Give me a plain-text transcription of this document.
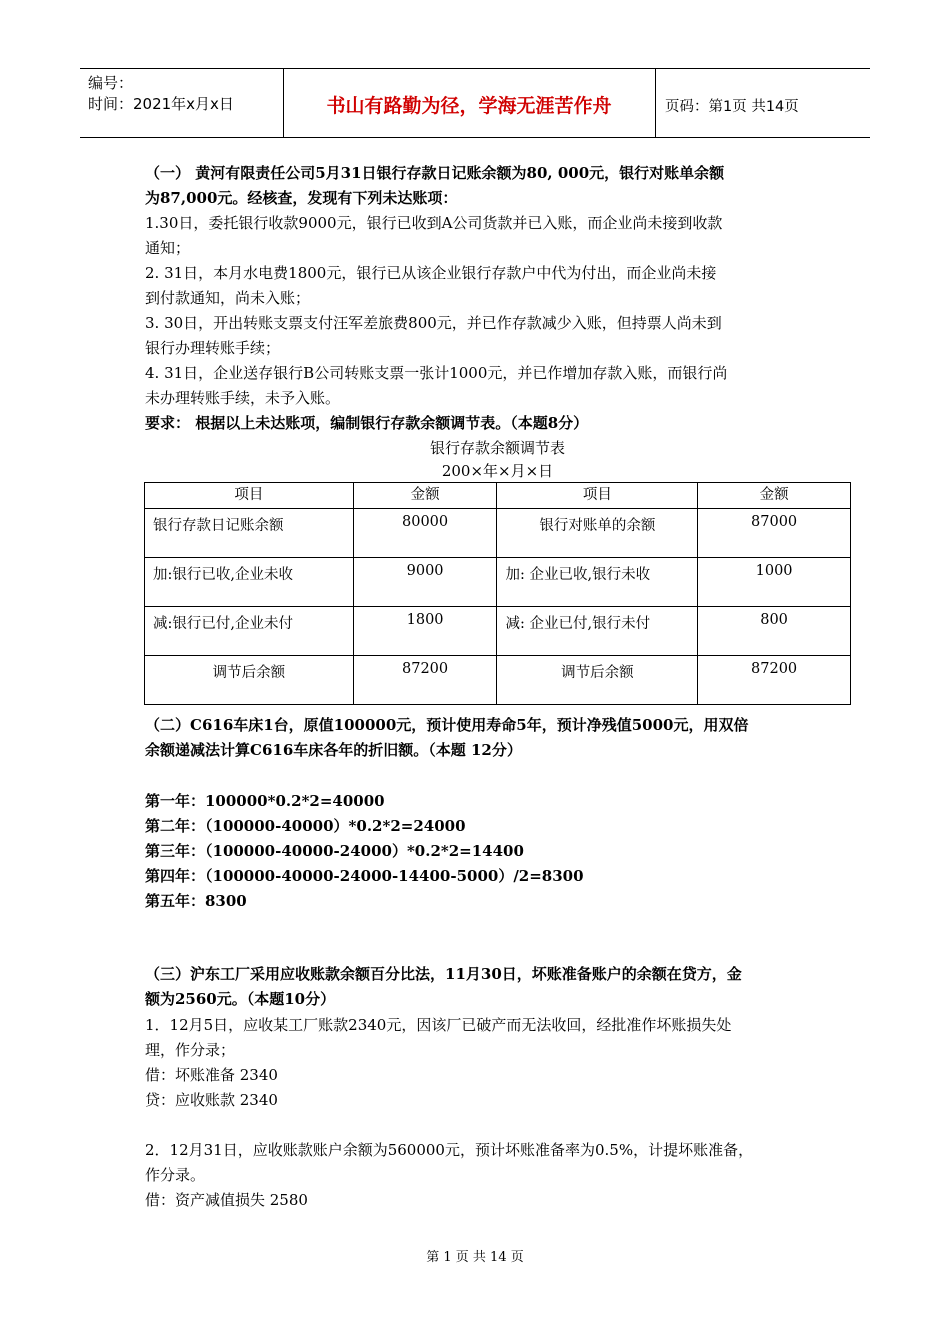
编号：
时间：2021年x月x日	书山有路勤为径，学海无涯苦作舟	页码：第1页 共14页
（一） 黄河有限责任公司5月31日银行存款日记账余额为80, 000元，银行对账单余额
为87,000元。经核查，发现有下列未达账项：
1.30日，委托银行收款9000元，银行已收到A公司货款并已入账，而企业尚未接到收款
通知；
2. 31日，本月水电费1800元，银行已从该企业银行存款户中代为付出，而企业尚未接
到付款通知，尚未入账；
3. 30日，开出转账支票支付汪军差旅费800元，并已作存款减少入账，但持票人尚未到
银行办理转账手续；
4. 31日，企业送存银行B公司转账支票一张计1000元，并已作增加存款入账，而银行尚
未办理转账手续，未予入账。
要求： 根据以上未达账项，编制银行存款余额调节表。（本题8分）
银行存款余额调节表
200×年×月×日
项目	金额	项目	金额
银行存款日记账余额	80000	银行对账单的余额	87000
加:银行已收,企业未收	9000	加: 企业已收,银行未收	1000
减:银行已付,企业未付	1800	减: 企业已付,银行未付	800
调节后余额	87200	调节后余额	87200
（二）C616车床1台，原值100000元，预计使用寿命5年，预计净残值5000元，用双倍
余额递减法计算C616车床各年的折旧额。（本题 12分）
第一年：100000*0.2*2=40000
第二年：（100000-40000）*0.2*2=24000
第三年：（100000-40000-24000）*0.2*2=14400
第四年：（100000-40000-24000-14400-5000）/2=8300
第五年：8300
（三）沪东工厂采用应收账款余额百分比法，11月30日，坏账准备账户的余额在贷方，金
额为2560元。（本题10分）
1．12月5日，应收某工厂账款2340元，因该厂已破产而无法收回，经批准作坏账损失处
理，作分录；
借：坏账准备 2340
贷：应收账款 2340
2．12月31日，应收账款账户余额为560000元，预计坏账准备率为0.5%，计提坏账准备，
作分录。
借：资产减值损失 2580
第 1 页 共 14 页
